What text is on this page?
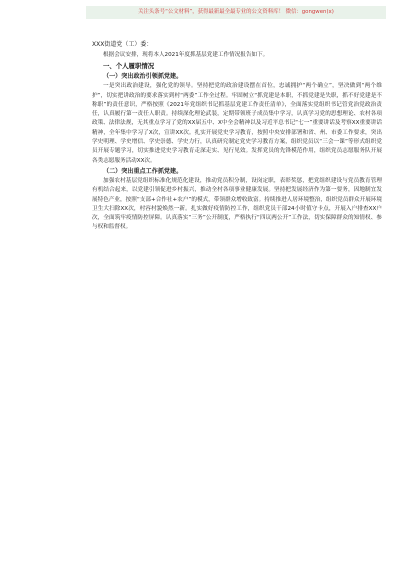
关注头条号“公文材料”，获得最新最全最专业的公文资料库！ 微信：gongwen(x)

XXX街道党（工）委：

根据会议安排，现将本人2021年度抓基层党建工作情况报告如下。

一、个人履职情况

（一）突出政治引领抓党建。

一是突出政治建设，强化党的领导。坚持把党的政治建设摆在首位，忠诚拥护“两个确立”，坚决做到“两个维护”，切实把讲政治的要求落实到村“两委”工作全过程。牢固树立“抓党建是本职，不抓党建是失职，抓不好党建是不称职”的责任意识，严格按照《2021年党组织书记抓基层党建工作责任清单》，全面落实党组织书记管党治党政治责任，认真履行第一责任人职责。持续深化理论武装，定期带领班子成员集中学习，认真学习党的思想理论、农村各项政策、法律法规，无其重点学习了党的XX届五中、X中全会精神以及习近平总书记“七一”重要讲话及考察XX重要讲话精神，全年集中学习了X次，宣讲XX次。扎实开展党史学习教育，按照中央安排部署和省、州、市委工作要求，突出学史明理、学史增信、学史崇德、学史力行，认真研究制定党史学习教育方案，组织党员以“三会一课”等形式组织党员开展专题学习，切实推进党史学习教育走深走实、见行见效。发挥党员的先锋模范作用，组织党员志愿服务队开展各类志愿服务活动XX次。

（二）突出重点工作抓党建。

加强农村基层党组织标准化规范化建设，推动党员积分制，设岗定职，表彰奖惩，把党组织建设与党员教育管理有机结合起来，以党建引领促进乡村振兴，推动全村各项事业健康发展。坚持把发展经济作为第一要务，因地制宜发展特色产业，按照“支部+合作社+农户”的模式，带领群众增收致富。持续推进人居环境整治，组织党员群众开展环境卫生大扫除XX次，村容村貌焕然一新。扎实做好疫情防控工作，组织党员干部24小时值守卡点，开展入户排查XX户次，全面筑牢疫情防控屏障。认真落实“三务”公开制度，严格执行“四议两公开”工作法，切实保障群众的知情权、参与权和监督权。
